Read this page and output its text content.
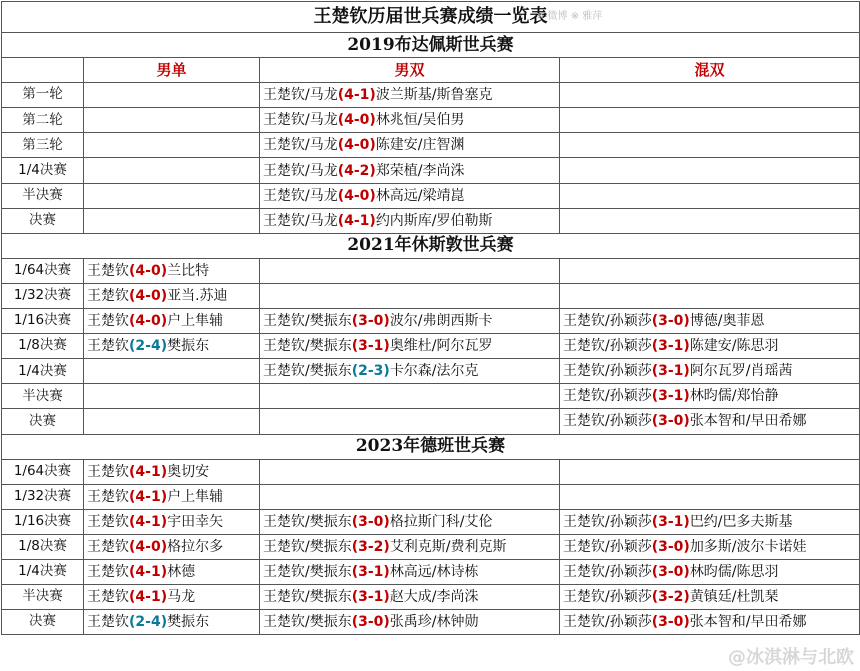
王楚钦历届世兵赛成绩一览表			
2019布达佩斯世兵赛			
	男单	男双	混双
第一轮		王楚钦/马龙(4-1)波兰斯基/斯鲁塞克	
第二轮		王楚钦/马龙(4-0)林兆恒/吴伯男	
第三轮		王楚钦/马龙(4-0)陈建安/庄智渊	
1/4决赛		王楚钦/马龙(4-2)郑荣植/李尚洙	
半决赛		王楚钦/马龙(4-0)林高远/梁靖崑	
决赛		王楚钦/马龙(4-1)约内斯库/罗伯勒斯	
2021年休斯敦世兵赛			
1/64决赛	王楚钦(4-0)兰比特		
1/32决赛	王楚钦(4-0)亚当.苏迪		
1/16决赛	王楚钦(4-0)户上隼辅	王楚钦/樊振东(3-0)波尔/弗朗西斯卡	王楚钦/孙颖莎(3-0)博德/奥菲恩
1/8决赛	王楚钦(2-4)樊振东	王楚钦/樊振东(3-1)奥维杜/阿尔瓦罗	王楚钦/孙颖莎(3-1)陈建安/陈思羽
1/4决赛		王楚钦/樊振东(2-3)卡尔森/法尔克	王楚钦/孙颖莎(3-1)阿尔瓦罗/肖瑶茜
半决赛			王楚钦/孙颖莎(3-1)林昀儒/郑怡静
决赛			王楚钦/孙颖莎(3-0)张本智和/早田希娜
2023年德班世兵赛			
1/64决赛	王楚钦(4-1)奥切安		
1/32决赛	王楚钦(4-1)户上隼辅		
1/16决赛	王楚钦(4-1)宇田幸矢	王楚钦/樊振东(3-0)格拉斯门科/艾伦	王楚钦/孙颖莎(3-1)巴约/巴多夫斯基
1/8决赛	王楚钦(4-0)格拉尔多	王楚钦/樊振东(3-2)艾利克斯/费利克斯	王楚钦/孙颖莎(3-0)加多斯/波尔卡诺娃
1/4决赛	王楚钦(4-1)林德	王楚钦/樊振东(3-1)林高远/林诗栋	王楚钦/孙颖莎(3-0)林昀儒/陈思羽
半决赛	王楚钦(4-1)马龙	王楚钦/樊振东(3-1)赵大成/李尚洙	王楚钦/孙颖莎(3-2)黄镇廷/杜凯琹
决赛	王楚钦(2-4)樊振东	王楚钦/樊振东(3-0)张禹珍/林钟勋	王楚钦/孙颖莎(3-0)张本智和/早田希娜
※ 微博 ※ 雅萍
@冰淇淋与北欧
